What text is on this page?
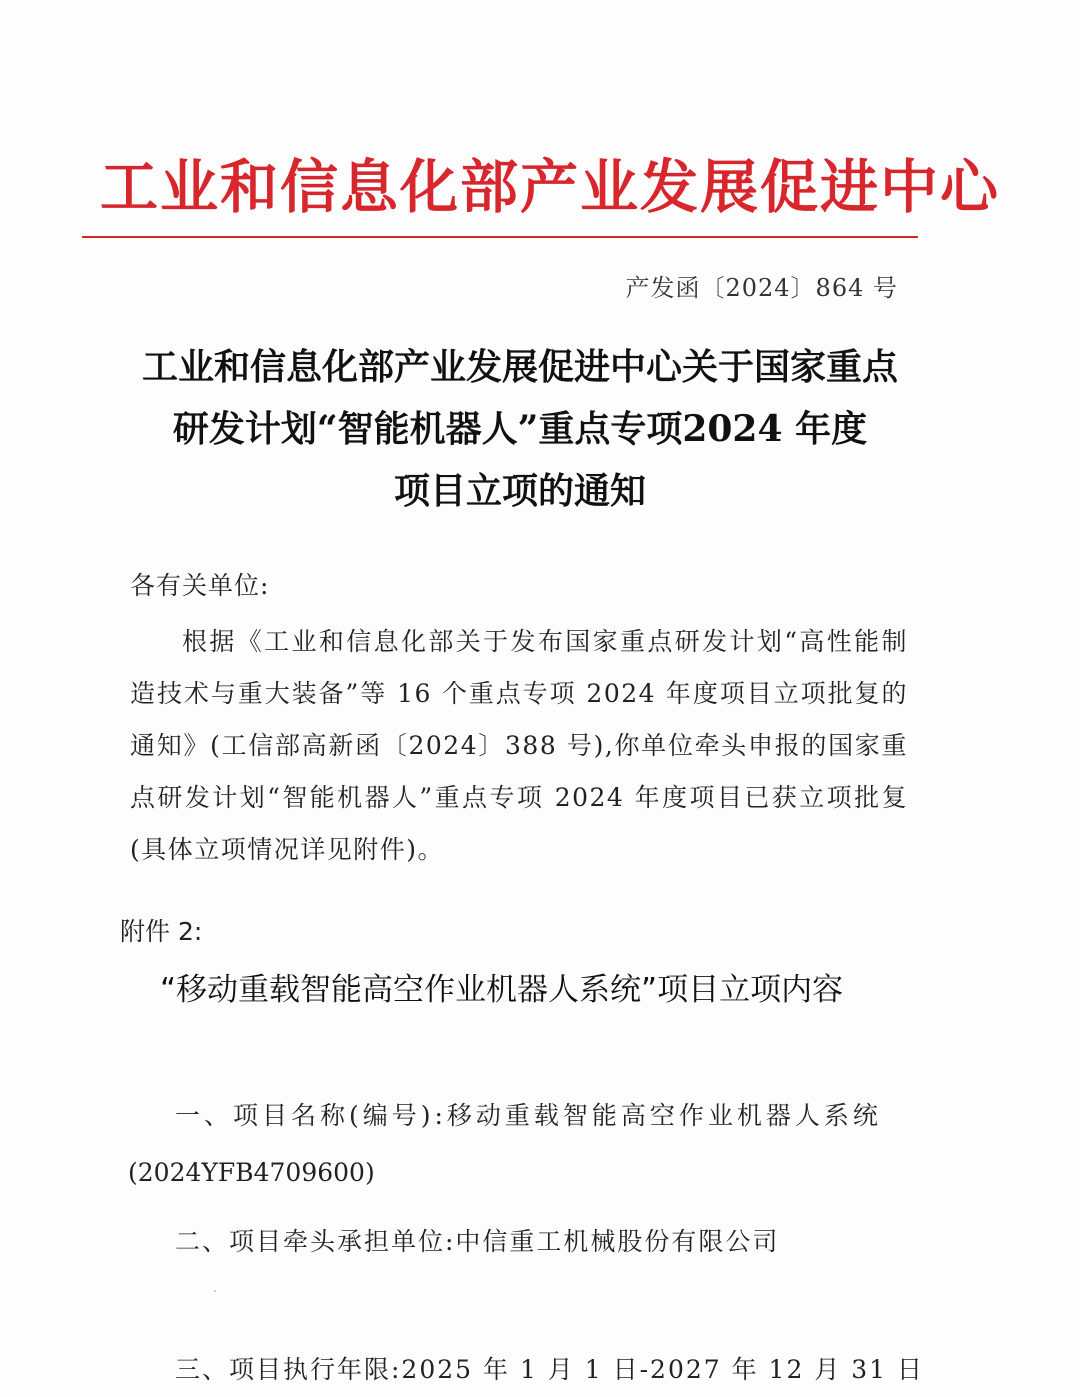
工业和信息化部产业发展促进中心
产发函〔2024〕864 号
工业和信息化部产业发展促进中心关于国家重点
研发计划“智能机器人”重点专项2024 年度
项目立项的通知
各有关单位:
根据《工业和信息化部关于发布国家重点研发计划“高性能制造技术与重大装备”等 16 个重点专项 2024 年度项目立项批复的通知》(工信部高新函〔2024〕388 号),你单位牵头申报的国家重点研发计划“智能机器人”重点专项 2024 年度项目已获立项批复(具体立项情况详见附件)。
附件 2:
“移动重载智能高空作业机器人系统”项目立项内容
一、项目名称(编号):移动重载智能高空作业机器人系统
(2024YFB4709600)
二、项目牵头承担单位:中信重工机械股份有限公司
三、项目执行年限:2025 年 1 月 1 日-2027 年 12 月 31 日
